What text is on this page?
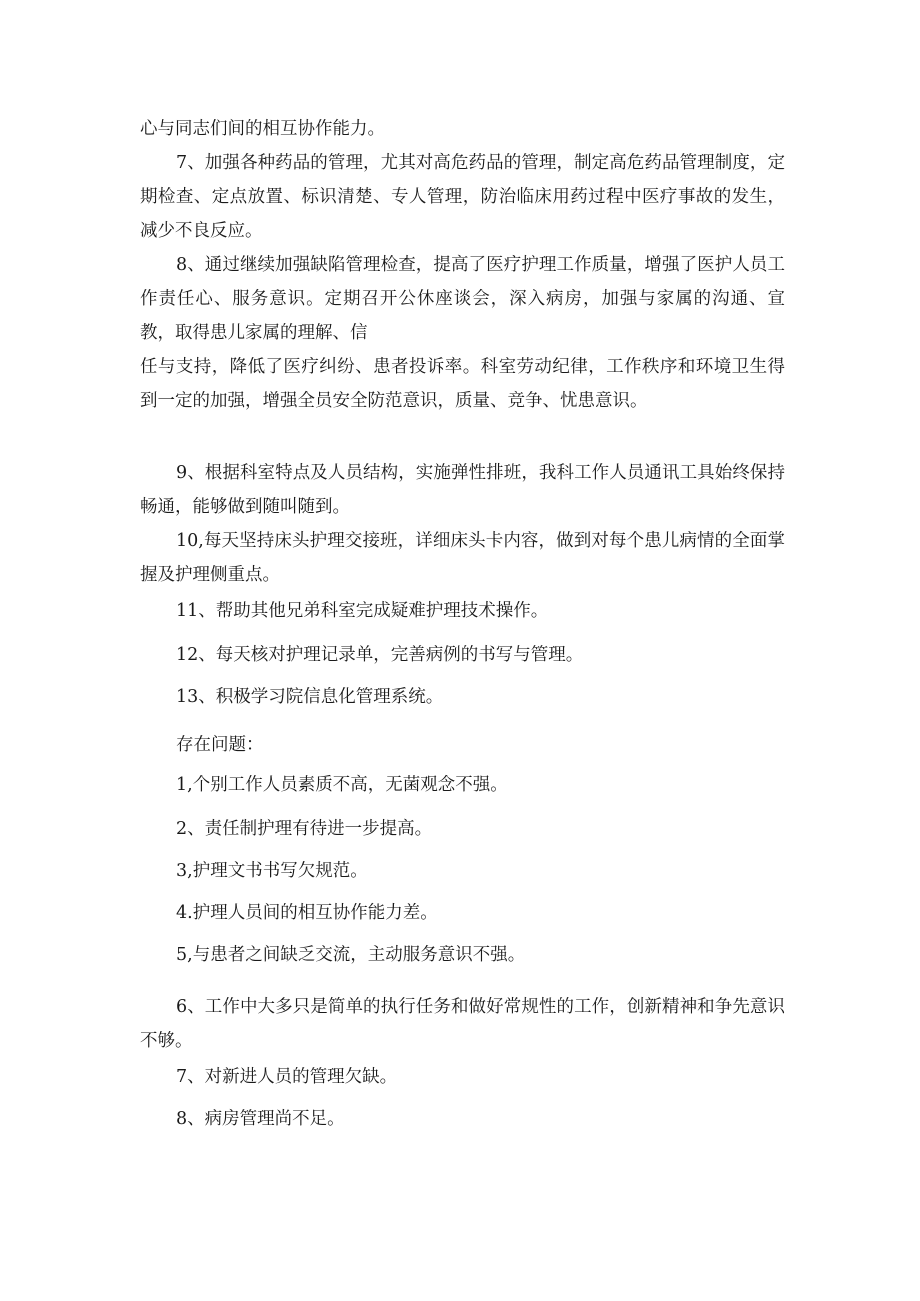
心与同志们间的相互协作能力。

7、加强各种药品的管理，尤其对高危药品的管理，制定高危药品管理制度，定期检查、定点放置、标识清楚、专人管理，防治临床用药过程中医疗事故的发生，减少不良反应。

8、通过继续加强缺陷管理检查，提高了医疗护理工作质量，增强了医护人员工作责任心、服务意识。定期召开公休座谈会，深入病房，加强与家属的沟通、宣教，取得患儿家属的理解、信

任与支持，降低了医疗纠纷、患者投诉率。科室劳动纪律，工作秩序和环境卫生得到一定的加强，增强全员安全防范意识，质量、竞争、忧患意识。

9、根据科室特点及人员结构，实施弹性排班，我科工作人员通讯工具始终保持畅通，能够做到随叫随到。

10,每天坚持床头护理交接班，详细床头卡内容，做到对每个患儿病情的全面掌握及护理侧重点。

11、帮助其他兄弟科室完成疑难护理技术操作。

12、每天核对护理记录单，完善病例的书写与管理。

13、积极学习院信息化管理系统。

存在问题：

1,个别工作人员素质不高，无菌观念不强。

2、责任制护理有待进一步提高。

3,护理文书书写欠规范。

4.护理人员间的相互协作能力差。

5,与患者之间缺乏交流，主动服务意识不强。

6、工作中大多只是简单的执行任务和做好常规性的工作，创新精神和争先意识不够。

7、对新进人员的管理欠缺。

8、病房管理尚不足。
